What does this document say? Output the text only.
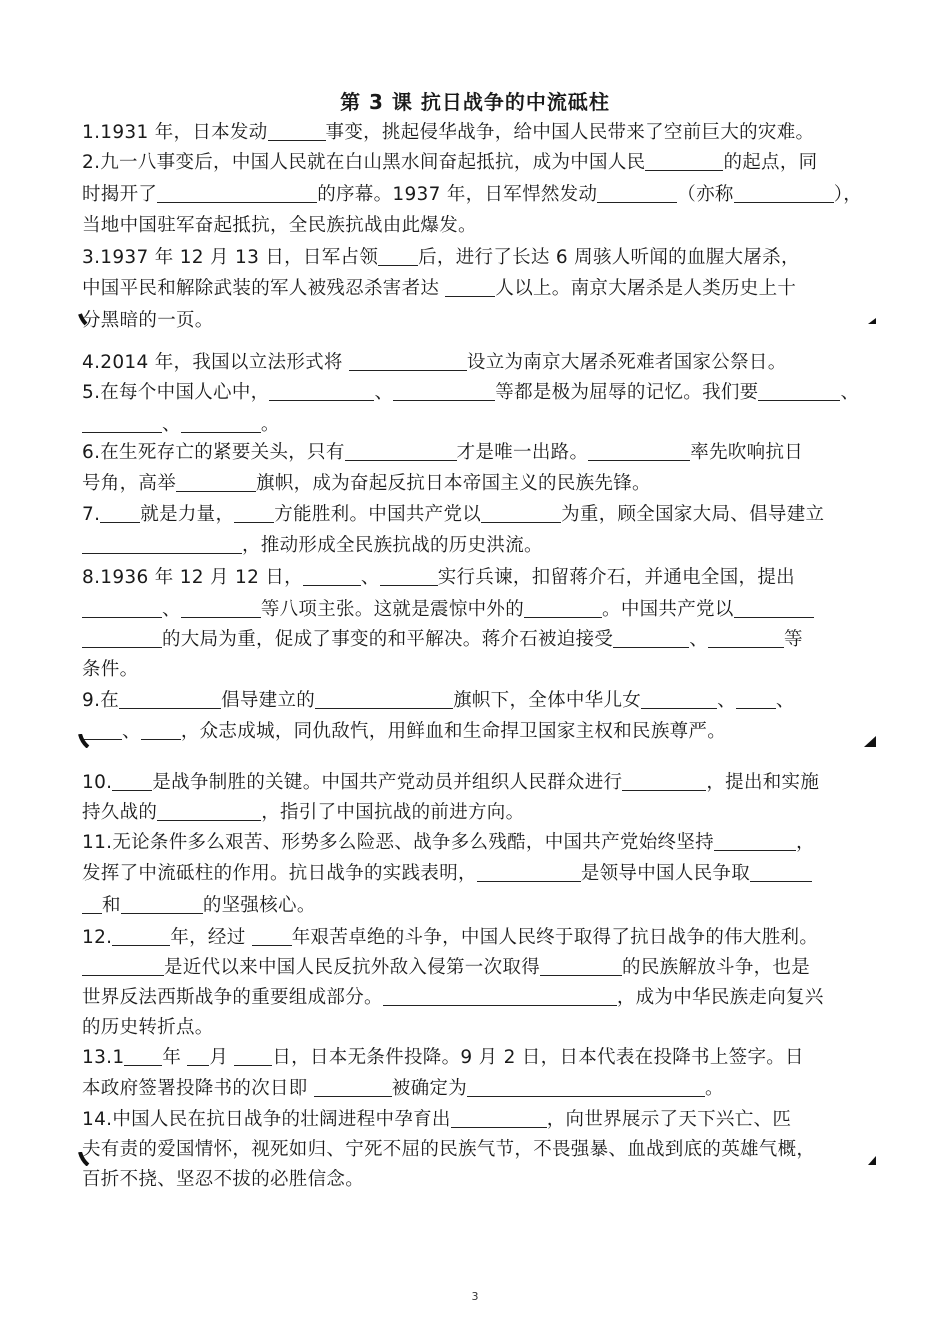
第 3 课 抗日战争的中流砥柱
1.1931 年，日本发动	事变，挑起侵华战争，给中国人民带来了空前巨大的灾难。
2.九一八事变后，中国人民就在白山黑水间奋起抵抗，成为中国人民	的起点，同
时揭开了	的序幕。1937 年，日军悍然发动	（亦称	），
当地中国驻军奋起抵抗，全民族抗战由此爆发。
3.1937 年 12 月 13 日，日军占领 后，进行了长达 6 周骇人听闻的血腥大屠杀，
中国平民和解除武装的军人被残忍杀害者达	人以上。南京大屠杀是人类历史上十
分黑暗的一页。
4.2014 年，我国以立法形式将	设立为南京大屠杀死难者国家公祭日。
5.在每个中国人心中，	、	等都是极为屈辱的记忆。我们要	、
、	。
6.在生死存亡的紧要关头，只有	才是唯一出路。	率先吹响抗日
号角，高举	旗帜，成为奋起反抗日本帝国主义的民族先锋。
7. 就是力量， 方能胜利。中国共产党以	为重，顾全国家大局、倡导建立
，推动形成全民族抗战的历史洪流。
8.1936 年 12 月 12 日，	、	实行兵谏，扣留蒋介石，并通电全国，提出
、	等八项主张。这就是震惊中外的	。中国共产党以
的大局为重，促成了事变的和平解决。蒋介石被迫接受	、	等
条件。
9.在	倡导建立的	旗帜下，全体中华儿女	、 、
、 ，众志成城，同仇敌忾，用鲜血和生命捍卫国家主权和民族尊严。
10. 是战争制胜的关键。中国共产党动员并组织人民群众进行	，提出和实施
持久战的	，指引了中国抗战的前进方向。
11.无论条件多么艰苦、形势多么险恶、战争多么残酷，中国共产党始终坚持	，
发挥了中流砥柱的作用。抗日战争的实践表明，	是领导中国人民争取
和	的坚强核心。
12.	年，经过 年艰苦卓绝的斗争，中国人民终于取得了抗日战争的伟大胜利。
是近代以来中国人民反抗外敌入侵第一次取得	的民族解放斗争，也是
世界反法西斯战争的重要组成部分。	，成为中华民族走向复兴
的历史转折点。
13.1 年 月 日，日本无条件投降。9 月 2 日，日本代表在投降书上签字。日
本政府签署投降书的次日即	被确定为	。
14.中国人民在抗日战争的壮阔进程中孕育出	，向世界展示了天下兴亡、匹
夫有责的爱国情怀，视死如归、宁死不屈的民族气节，不畏强暴、血战到底的英雄气概，
百折不挠、坚忍不拔的必胜信念。
3
